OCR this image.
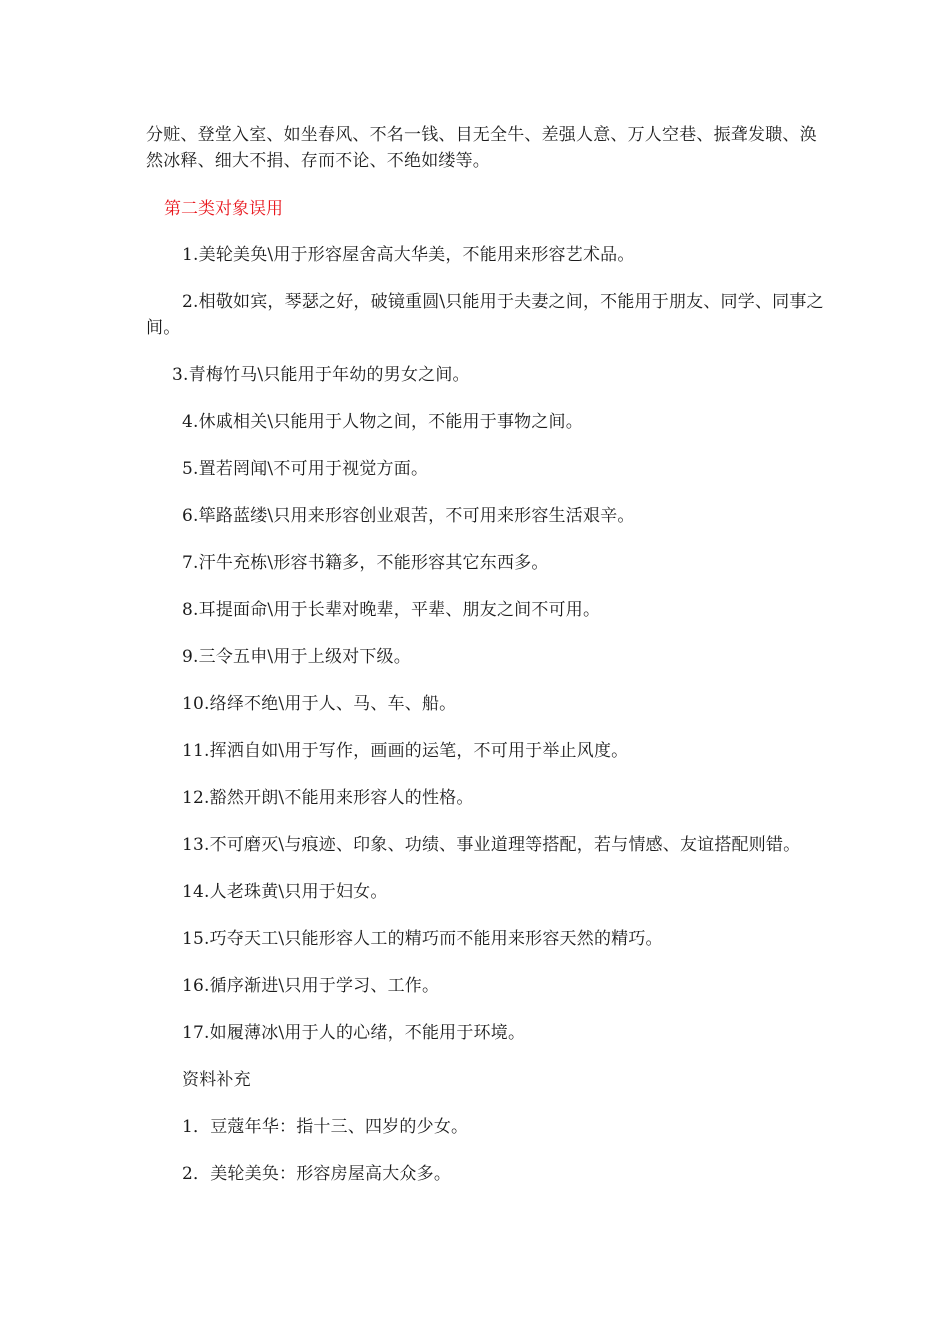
分赃、登堂入室、如坐春风、不名一钱、目无全牛、差强人意、万人空巷、振聋发聩、涣然冰释、细大不捐、存而不论、不绝如缕等。

第二类对象误用

1.美轮美奂\用于形容屋舍高大华美，不能用来形容艺术品。

2.相敬如宾，琴瑟之好，破镜重圆\只能用于夫妻之间，不能用于朋友、同学、同事之间。

3.青梅竹马\只能用于年幼的男女之间。

4.休戚相关\只能用于人物之间，不能用于事物之间。

5.置若罔闻\不可用于视觉方面。

6.筚路蓝缕\只用来形容创业艰苦，不可用来形容生活艰辛。

7.汗牛充栋\形容书籍多，不能形容其它东西多。

8.耳提面命\用于长辈对晚辈，平辈、朋友之间不可用。

9.三令五申\用于上级对下级。

10.络绎不绝\用于人、马、车、船。

11.挥洒自如\用于写作，画画的运笔，不可用于举止风度。

12.豁然开朗\不能用来形容人的性格。

13.不可磨灭\与痕迹、印象、功绩、事业道理等搭配，若与情感、友谊搭配则错。

14.人老珠黄\只用于妇女。

15.巧夺天工\只能形容人工的精巧而不能用来形容天然的精巧。

16.循序渐进\只用于学习、工作。

17.如履薄冰\用于人的心绪，不能用于环境。

资料补充

1．豆蔻年华：指十三、四岁的少女。

2．美轮美奂：形容房屋高大众多。
